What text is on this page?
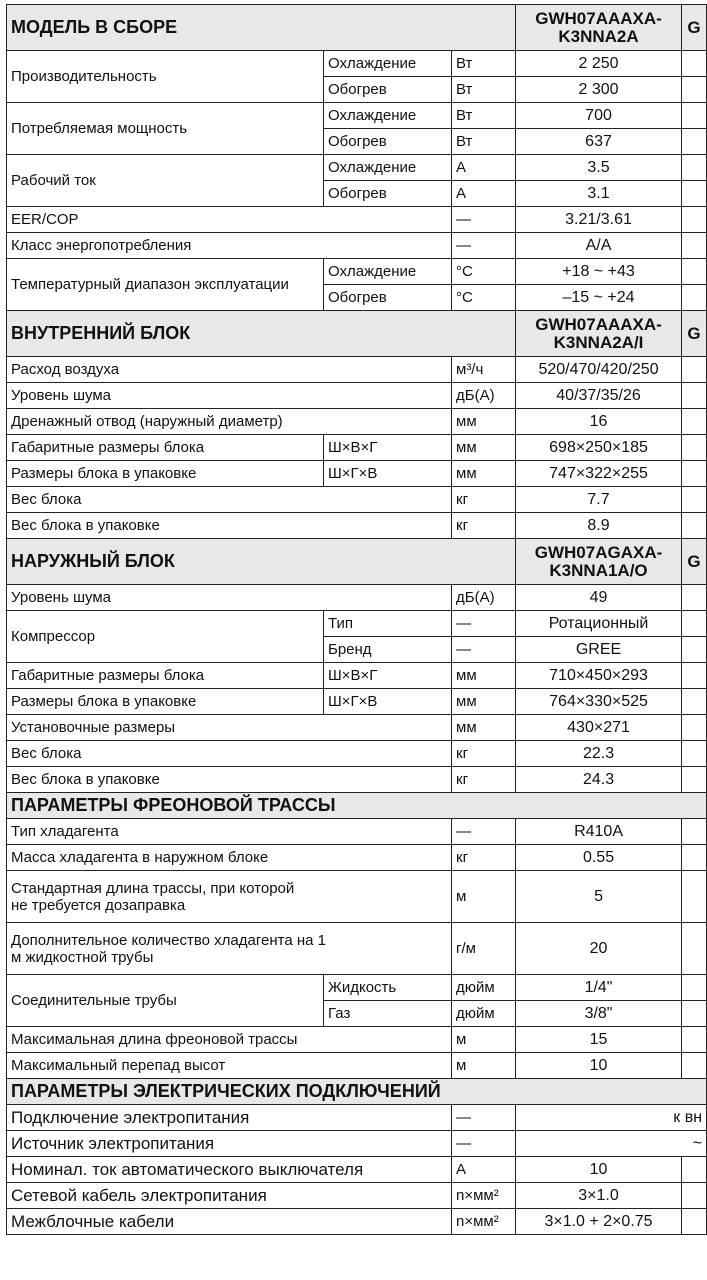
МОДЕЛЬ В СБОРЕ			GWH07AAAXA-K3NNA2A	G
Производительность	Охлаждение	Вт	2 250	
	Обогрев	Вт	2 300	
Потребляемая мощность	Охлаждение	Вт	700	
	Обогрев	Вт	637	
Рабочий ток	Охлаждение	А	3.5	
	Обогрев	А	3.1	
EER/COP		—	3.21/3.61	
Класс энергопотребления		—	A/A	
Температурный диапазон эксплуатации	Охлаждение	°С	+18 ~ +43	
	Обогрев	°С	–15 ~ +24	
ВНУТРЕННИЙ БЛОК			GWH07AAAXA-K3NNA2A/I	G
Расход воздуха		м³/ч	520/470/420/250	
Уровень шума		дБ(А)	40/37/35/26	
Дренажный отвод (наружный диаметр)		мм	16	
Габаритные размеры блока	Ш×В×Г	мм	698×250×185	
Размеры блока в упаковке	Ш×Г×В	мм	747×322×255	
Вес блока		кг	7.7	
Вес блока в упаковке		кг	8.9	
НАРУЖНЫЙ БЛОК			GWH07AGAXA-K3NNA1A/O	G
Уровень шума		дБ(А)	49	
Компрессор	Тип	—	Ротационный	
	Бренд	—	GREE	
Габаритные размеры блока	Ш×В×Г	мм	710×450×293	
Размеры блока в упаковке	Ш×Г×В	мм	764×330×525	
Установочные размеры		мм	430×271	
Вес блока		кг	22.3	
Вес блока в упаковке		кг	24.3	
ПАРАМЕТРЫ ФРЕОНОВОЙ ТРАССЫ				
Тип хладагента		—	R410A	
Масса хладагента в наружном блоке		кг	0.55	
Стандартная длина трассы, при которой не требуется дозаправка		м	5	
Дополнительное количество хладагента на 1 м жидкостной трубы		г/м	20	
Соединительные трубы	Жидкость	дюйм	1/4"	
	Газ	дюйм	3/8"	
Максимальная длина фреоновой трассы		м	15	
Максимальный перепад высот		м	10	
ПАРАМЕТРЫ ЭЛЕКТРИЧЕСКИХ ПОДКЛЮЧЕНИЙ				
Подключение электропитания		—	к вн	
Источник электропитания		—	~	
Номинал. ток автоматического выключателя		А	10	
Сетевой кабель электропитания		n×мм²	3×1.0	
Межблочные кабели		n×мм²	3×1.0 + 2×0.75	
